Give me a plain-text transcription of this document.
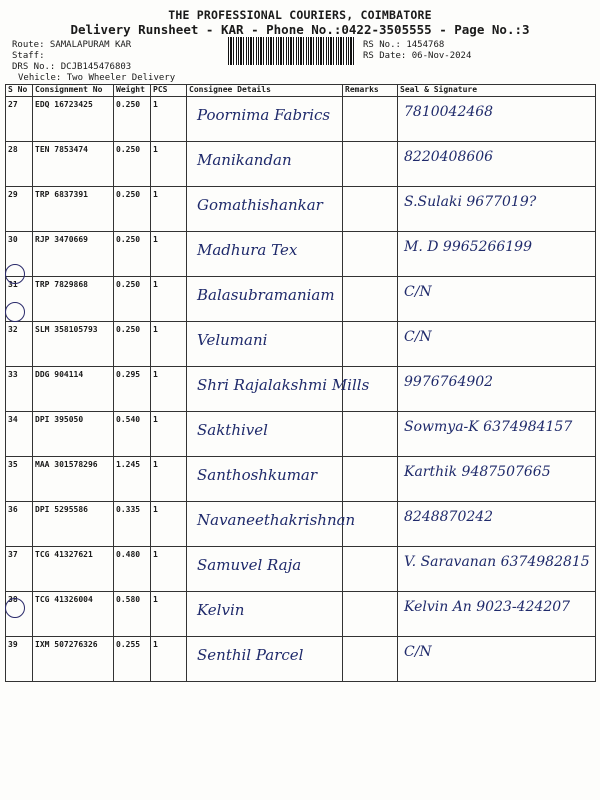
THE PROFESSIONAL COURIERS, COIMBATORE
Delivery Runsheet - KAR - Phone No.:0422-3505555 - Page No.:3
Route: SAMALAPURAM KAR
Staff:
DRS No.: DCJB145476803
Vehicle: Two Wheeler Delivery
RS No.: 1454768
RS Date: 06-Nov-2024
S No	Consignment No	Weight	PCS	Consignee Details	Remarks	Seal & Signature
27	EDQ 16723425	0.250	1	Poornima Fabrics		7810042468

28	TEN 7853474	0.250	1	Manikandan		8220408606

29	TRP 6837391	0.250	1	Gomathishankar		S.Sulaki 9677019?

30	RJP 3470669	0.250	1	Madhura Tex		M. D 9965266199

31	TRP 7829868	0.250	1	Balasubramaniam		C/N

32	SLM 358105793	0.250	1	Velumani		C/N

33	DDG 904114	0.295	1	Shri Rajalakshmi Mills		9976764902

34	DPI 395050	0.540	1	Sakthivel		Sowmya-K 6374984157

35	MAA 301578296	1.245	1	Santhoshkumar		Karthik 9487507665

36	DPI 5295586	0.335	1	Navaneethakrishnan		8248870242

37	TCG 41327621	0.480	1	Samuvel Raja		V. Saravanan 6374982815

38	TCG 41326004	0.580	1	Kelvin		Kelvin An 9023-424207

39	IXM 507276326	0.255	1	Senthil Parcel		C/N
